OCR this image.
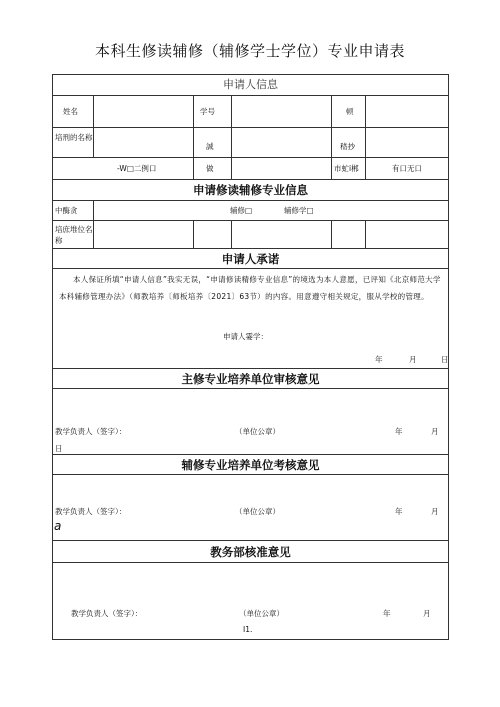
本科生修读辅修（辅修学士学位）专业申请表
申请人信息
姓名	学号	顿
培刑的名称
誠	嵇抄
-W□二例口	做	市虻i郴	有口无口
申请修读辅修专业信息
中酶贪	辅修□	辅修学□
培庶堆位名称
申请人承诺
本人保证所填“申请人信息”我实无误，“申请修读精修专业信息”的境选为本人意愿，已评知《北京师范大学本科辅修管理办法》（师教培养〔师板培养〔2021〕63节）的内容。用意遵守相关规定，服从学校的管理。
申请人霎学：
年	月	日
主修专业培养单位审核意见
教学负责人（签字）：	（单位公章）	年	月
日
辅修专业培养单位考核意见
教学负责人（签字）：	（单位公章）	年	月
a
教务部核准意见
教学负责人（签字）：	（单位公章）	年	月
I1.
